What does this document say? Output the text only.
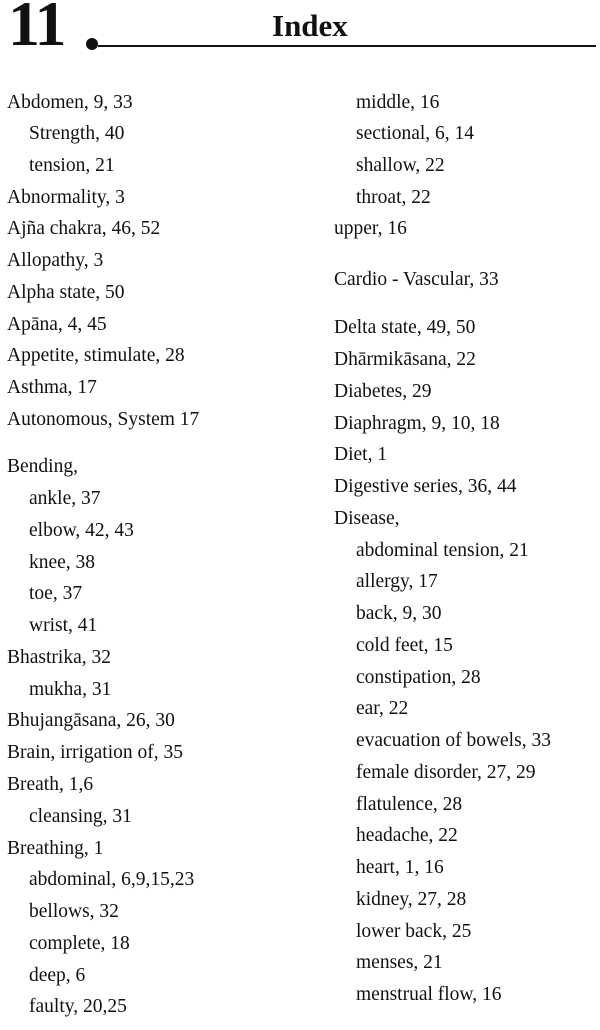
11	Index
Abdomen, 9, 33
Strength, 40
tension, 21
Abnormality, 3
Ajña chakra, 46, 52
Allopathy, 3
Alpha state, 50
Apāna, 4, 45
Appetite, stimulate, 28
Asthma, 17
Autonomous, System 17
Bending,
ankle, 37
elbow, 42, 43
knee, 38
toe, 37
wrist, 41
Bhastrika, 32
mukha, 31
Bhujangāsana, 26, 30
Brain, irrigation of, 35
Breath, 1,6
cleansing, 31
Breathing, 1
abdominal, 6,9,15,23
bellows, 32
complete, 18
deep, 6
faulty, 20,25
middle, 16
sectional, 6, 14
shallow, 22
throat, 22
upper, 16
Cardio - Vascular, 33
Delta state, 49, 50
Dhārmikāsana, 22
Diabetes, 29
Diaphragm, 9, 10, 18
Diet, 1
Digestive series, 36, 44
Disease,
abdominal tension, 21
allergy, 17
back, 9, 30
cold feet, 15
constipation, 28
ear, 22
evacuation of bowels, 33
female disorder, 27, 29
flatulence, 28
headache, 22
heart, 1, 16
kidney, 27, 28
lower back, 25
menses, 21
menstrual flow, 16
